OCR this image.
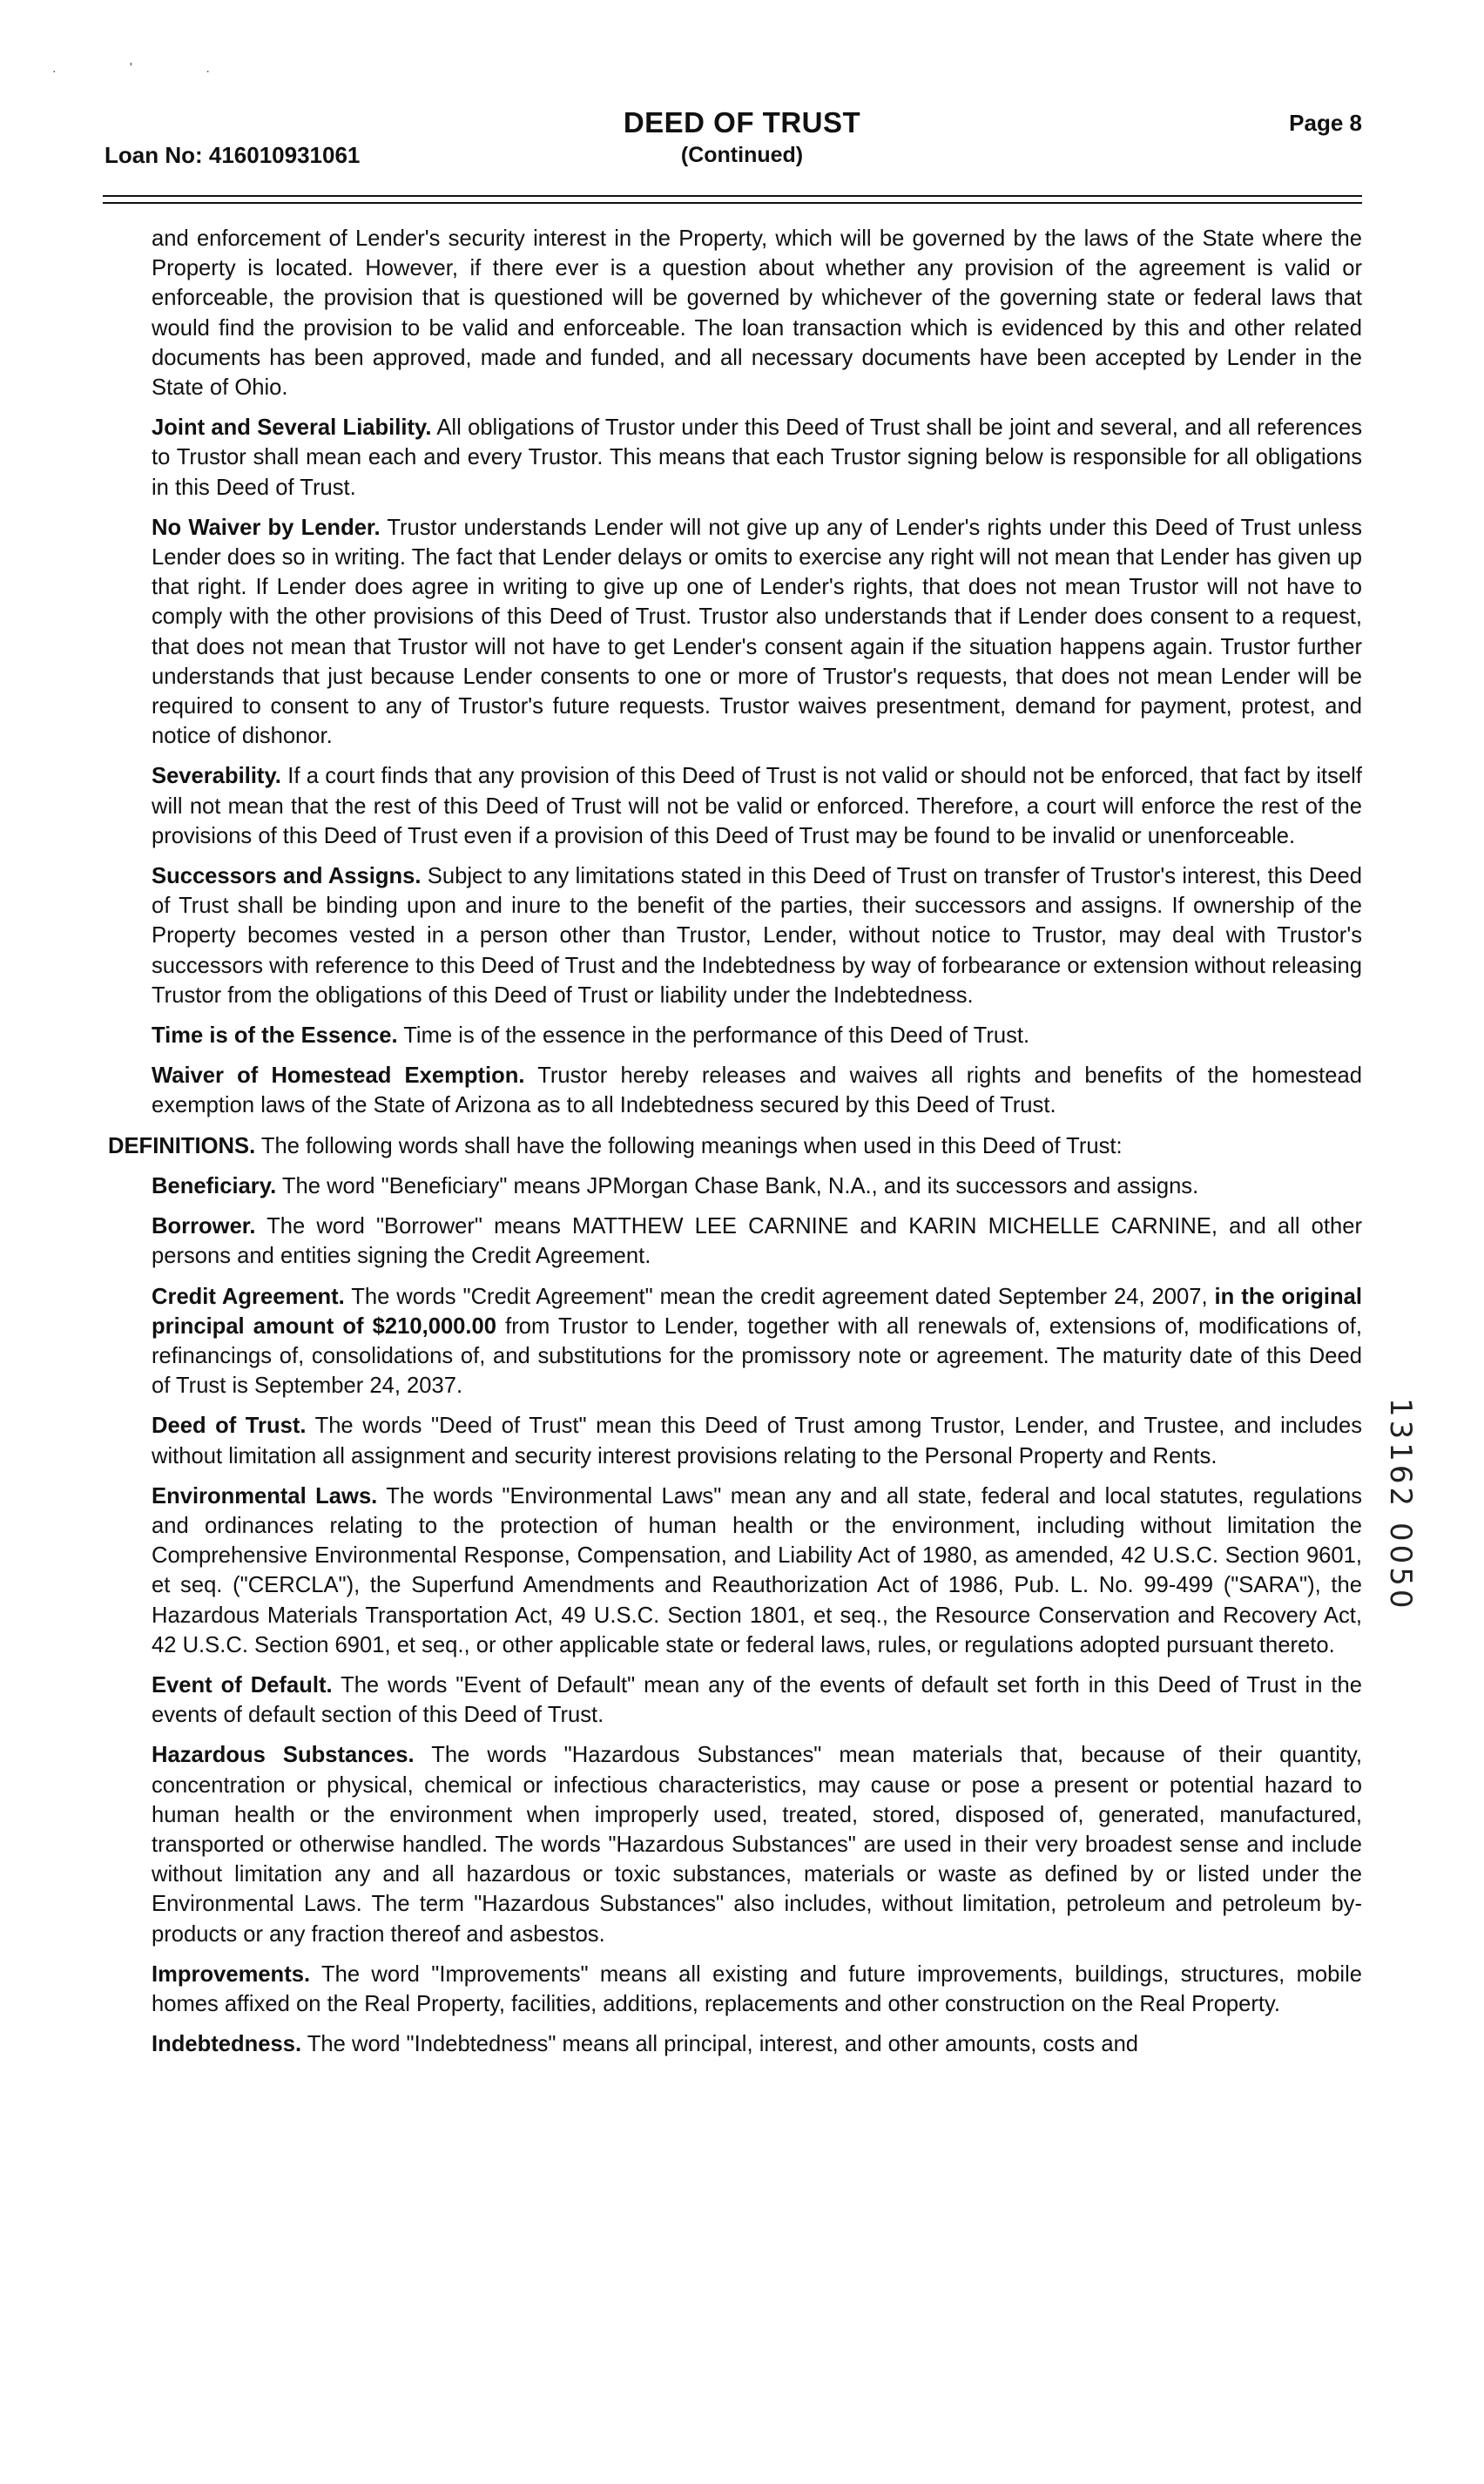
. ' .
Loan No: 416010931061
DEED OF TRUST
(Continued)
Page 8

and enforcement of Lender's security interest in the Property, which will be governed by the laws of the State where the Property is located. However, if there ever is a question about whether any provision of the agreement is valid or enforceable, the provision that is questioned will be governed by whichever of the governing state or federal laws that would find the provision to be valid and enforceable. The loan transaction which is evidenced by this and other related documents has been approved, made and funded, and all necessary documents have been accepted by Lender in the State of Ohio.

Joint and Several Liability. All obligations of Trustor under this Deed of Trust shall be joint and several, and all references to Trustor shall mean each and every Trustor. This means that each Trustor signing below is responsible for all obligations in this Deed of Trust.

No Waiver by Lender. Trustor understands Lender will not give up any of Lender's rights under this Deed of Trust unless Lender does so in writing. The fact that Lender delays or omits to exercise any right will not mean that Lender has given up that right. If Lender does agree in writing to give up one of Lender's rights, that does not mean Trustor will not have to comply with the other provisions of this Deed of Trust. Trustor also understands that if Lender does consent to a request, that does not mean that Trustor will not have to get Lender's consent again if the situation happens again. Trustor further understands that just because Lender consents to one or more of Trustor's requests, that does not mean Lender will be required to consent to any of Trustor's future requests. Trustor waives presentment, demand for payment, protest, and notice of dishonor.

Severability. If a court finds that any provision of this Deed of Trust is not valid or should not be enforced, that fact by itself will not mean that the rest of this Deed of Trust will not be valid or enforced. Therefore, a court will enforce the rest of the provisions of this Deed of Trust even if a provision of this Deed of Trust may be found to be invalid or unenforceable.

Successors and Assigns. Subject to any limitations stated in this Deed of Trust on transfer of Trustor's interest, this Deed of Trust shall be binding upon and inure to the benefit of the parties, their successors and assigns. If ownership of the Property becomes vested in a person other than Trustor, Lender, without notice to Trustor, may deal with Trustor's successors with reference to this Deed of Trust and the Indebtedness by way of forbearance or extension without releasing Trustor from the obligations of this Deed of Trust or liability under the Indebtedness.

Time is of the Essence. Time is of the essence in the performance of this Deed of Trust.

Waiver of Homestead Exemption. Trustor hereby releases and waives all rights and benefits of the homestead exemption laws of the State of Arizona as to all Indebtedness secured by this Deed of Trust.

DEFINITIONS. The following words shall have the following meanings when used in this Deed of Trust:

Beneficiary. The word "Beneficiary" means JPMorgan Chase Bank, N.A., and its successors and assigns.

Borrower. The word "Borrower" means MATTHEW LEE CARNINE and KARIN MICHELLE CARNINE, and all other persons and entities signing the Credit Agreement.

Credit Agreement. The words "Credit Agreement" mean the credit agreement dated September 24, 2007, in the original principal amount of $210,000.00 from Trustor to Lender, together with all renewals of, extensions of, modifications of, refinancings of, consolidations of, and substitutions for the promissory note or agreement. The maturity date of this Deed of Trust is September 24, 2037.

Deed of Trust. The words "Deed of Trust" mean this Deed of Trust among Trustor, Lender, and Trustee, and includes without limitation all assignment and security interest provisions relating to the Personal Property and Rents.

Environmental Laws. The words "Environmental Laws" mean any and all state, federal and local statutes, regulations and ordinances relating to the protection of human health or the environment, including without limitation the Comprehensive Environmental Response, Compensation, and Liability Act of 1980, as amended, 42 U.S.C. Section 9601, et seq. ("CERCLA"), the Superfund Amendments and Reauthorization Act of 1986, Pub. L. No. 99-499 ("SARA"), the Hazardous Materials Transportation Act, 49 U.S.C. Section 1801, et seq., the Resource Conservation and Recovery Act, 42 U.S.C. Section 6901, et seq., or other applicable state or federal laws, rules, or regulations adopted pursuant thereto.

Event of Default. The words "Event of Default" mean any of the events of default set forth in this Deed of Trust in the events of default section of this Deed of Trust.

Hazardous Substances. The words "Hazardous Substances" mean materials that, because of their quantity, concentration or physical, chemical or infectious characteristics, may cause or pose a present or potential hazard to human health or the environment when improperly used, treated, stored, disposed of, generated, manufactured, transported or otherwise handled. The words "Hazardous Substances" are used in their very broadest sense and include without limitation any and all hazardous or toxic substances, materials or waste as defined by or listed under the Environmental Laws. The term "Hazardous Substances" also includes, without limitation, petroleum and petroleum by-products or any fraction thereof and asbestos.

Improvements. The word "Improvements" means all existing and future improvements, buildings, structures, mobile homes affixed on the Real Property, facilities, additions, replacements and other construction on the Real Property.

Indebtedness. The word "Indebtedness" means all principal, interest, and other amounts, costs and

13162 0050
